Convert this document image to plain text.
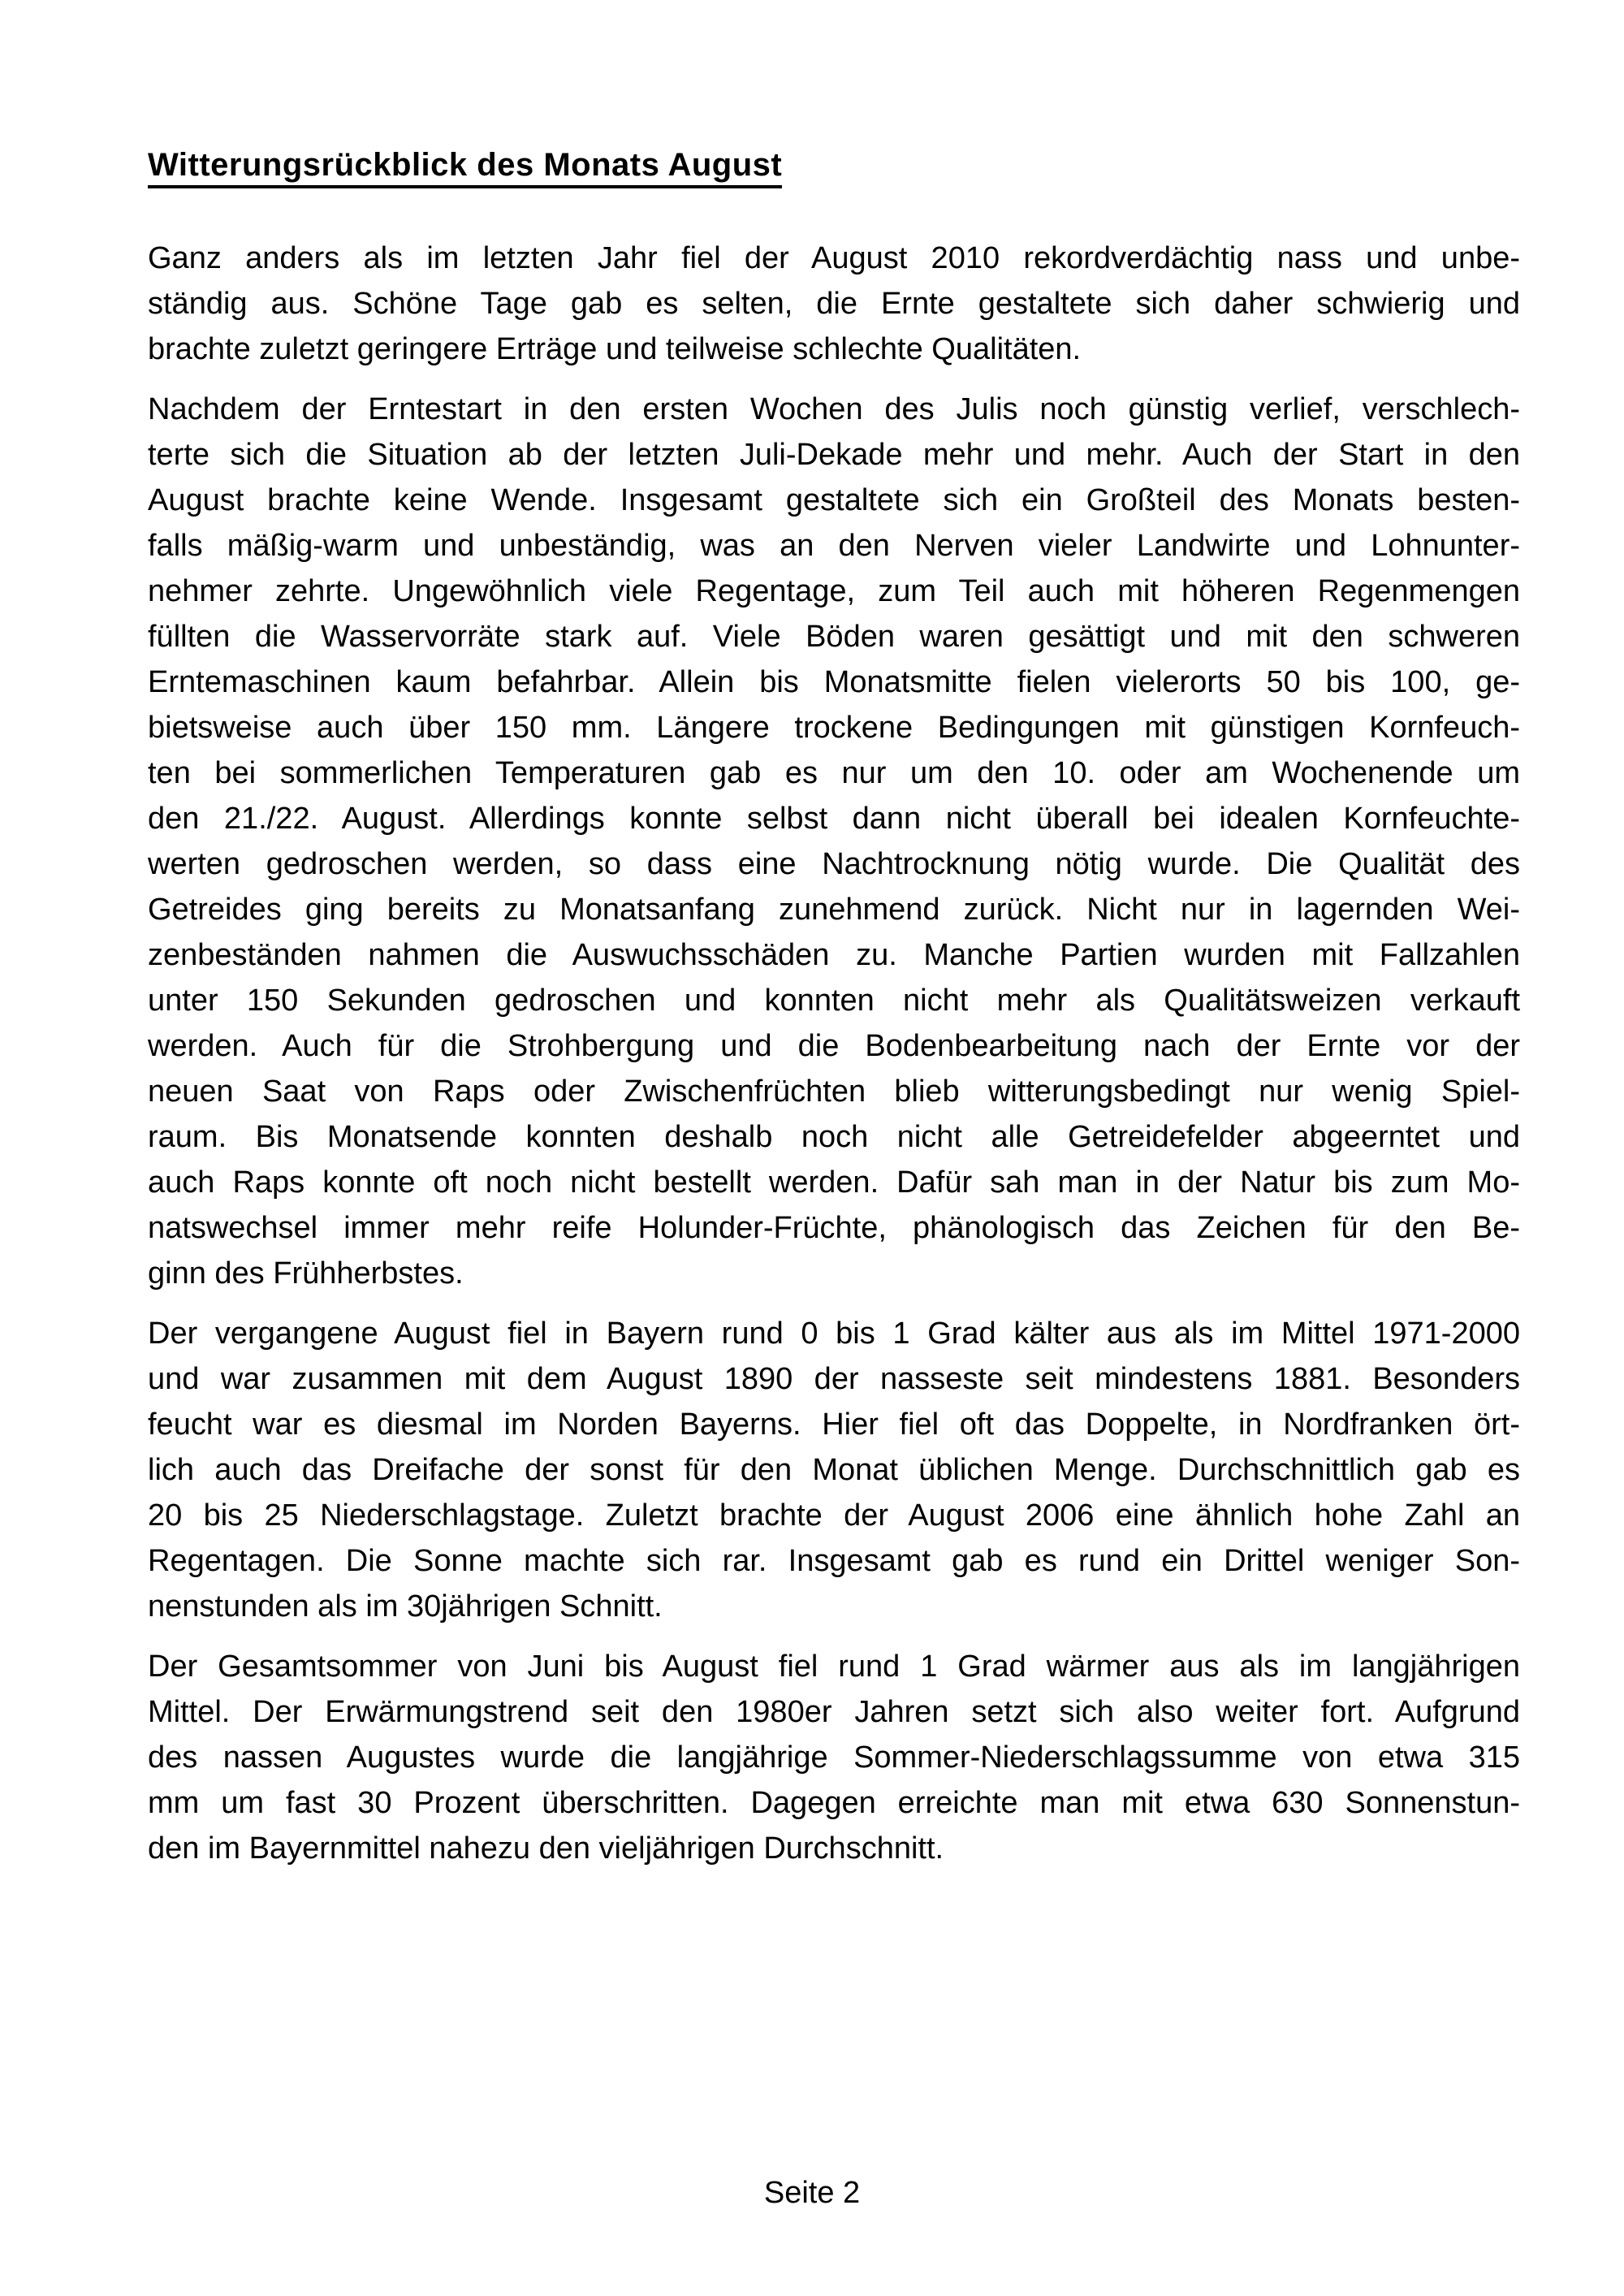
Witterungsrückblick des Monats August
Ganz anders als im letzten Jahr fiel der August 2010 rekordverdächtig nass und unbe-
ständig aus. Schöne Tage gab es selten, die Ernte gestaltete sich daher schwierig und
brachte zuletzt geringere Erträge und teilweise schlechte Qualitäten.
Nachdem der Erntestart in den ersten Wochen des Julis noch günstig verlief, verschlech-
terte sich die Situation ab der letzten Juli-Dekade mehr und mehr. Auch der Start in den
August brachte keine Wende. Insgesamt gestaltete sich ein Großteil des Monats besten-
falls mäßig-warm und unbeständig, was an den Nerven vieler Landwirte und Lohnunter-
nehmer zehrte. Ungewöhnlich viele Regentage, zum Teil auch mit höheren Regenmengen
füllten die Wasservorräte stark auf. Viele Böden waren gesättigt und mit den schweren
Erntemaschinen kaum befahrbar. Allein bis Monatsmitte fielen vielerorts 50 bis 100, ge-
bietsweise auch über 150 mm. Längere trockene Bedingungen mit günstigen Kornfeuch-
ten bei sommerlichen Temperaturen gab es nur um den 10. oder am Wochenende um
den 21./22. August. Allerdings konnte selbst dann nicht überall bei idealen Kornfeuchte-
werten gedroschen werden, so dass eine Nachtrocknung nötig wurde. Die Qualität des
Getreides ging bereits zu Monatsanfang zunehmend zurück. Nicht nur in lagernden Wei-
zenbeständen nahmen die Auswuchsschäden zu. Manche Partien wurden mit Fallzahlen
unter 150 Sekunden gedroschen und konnten nicht mehr als Qualitätsweizen verkauft
werden. Auch für die Strohbergung und die Bodenbearbeitung nach der Ernte vor der
neuen Saat von Raps oder Zwischenfrüchten blieb witterungsbedingt nur wenig Spiel-
raum. Bis Monatsende konnten deshalb noch nicht alle Getreidefelder abgeerntet und
auch Raps konnte oft noch nicht bestellt werden. Dafür sah man in der Natur bis zum Mo-
natswechsel immer mehr reife Holunder-Früchte, phänologisch das Zeichen für den Be-
ginn des Frühherbstes.
Der vergangene August fiel in Bayern rund 0 bis 1 Grad kälter aus als im Mittel 1971-2000
und war zusammen mit dem August 1890 der nasseste seit mindestens 1881. Besonders
feucht war es diesmal im Norden Bayerns. Hier fiel oft das Doppelte, in Nordfranken ört-
lich auch das Dreifache der sonst für den Monat üblichen Menge. Durchschnittlich gab es
20 bis 25 Niederschlagstage. Zuletzt brachte der August 2006 eine ähnlich hohe Zahl an
Regentagen. Die Sonne machte sich rar. Insgesamt gab es rund ein Drittel weniger Son-
nenstunden als im 30jährigen Schnitt.
Der Gesamtsommer von Juni bis August fiel rund 1 Grad wärmer aus als im langjährigen
Mittel. Der Erwärmungstrend seit den 1980er Jahren setzt sich also weiter fort. Aufgrund
des nassen Augustes wurde die langjährige Sommer-Niederschlagssumme von etwa 315
mm um fast 30 Prozent überschritten. Dagegen erreichte man mit etwa 630 Sonnenstun-
den im Bayernmittel nahezu den vieljährigen Durchschnitt.
Seite 2
